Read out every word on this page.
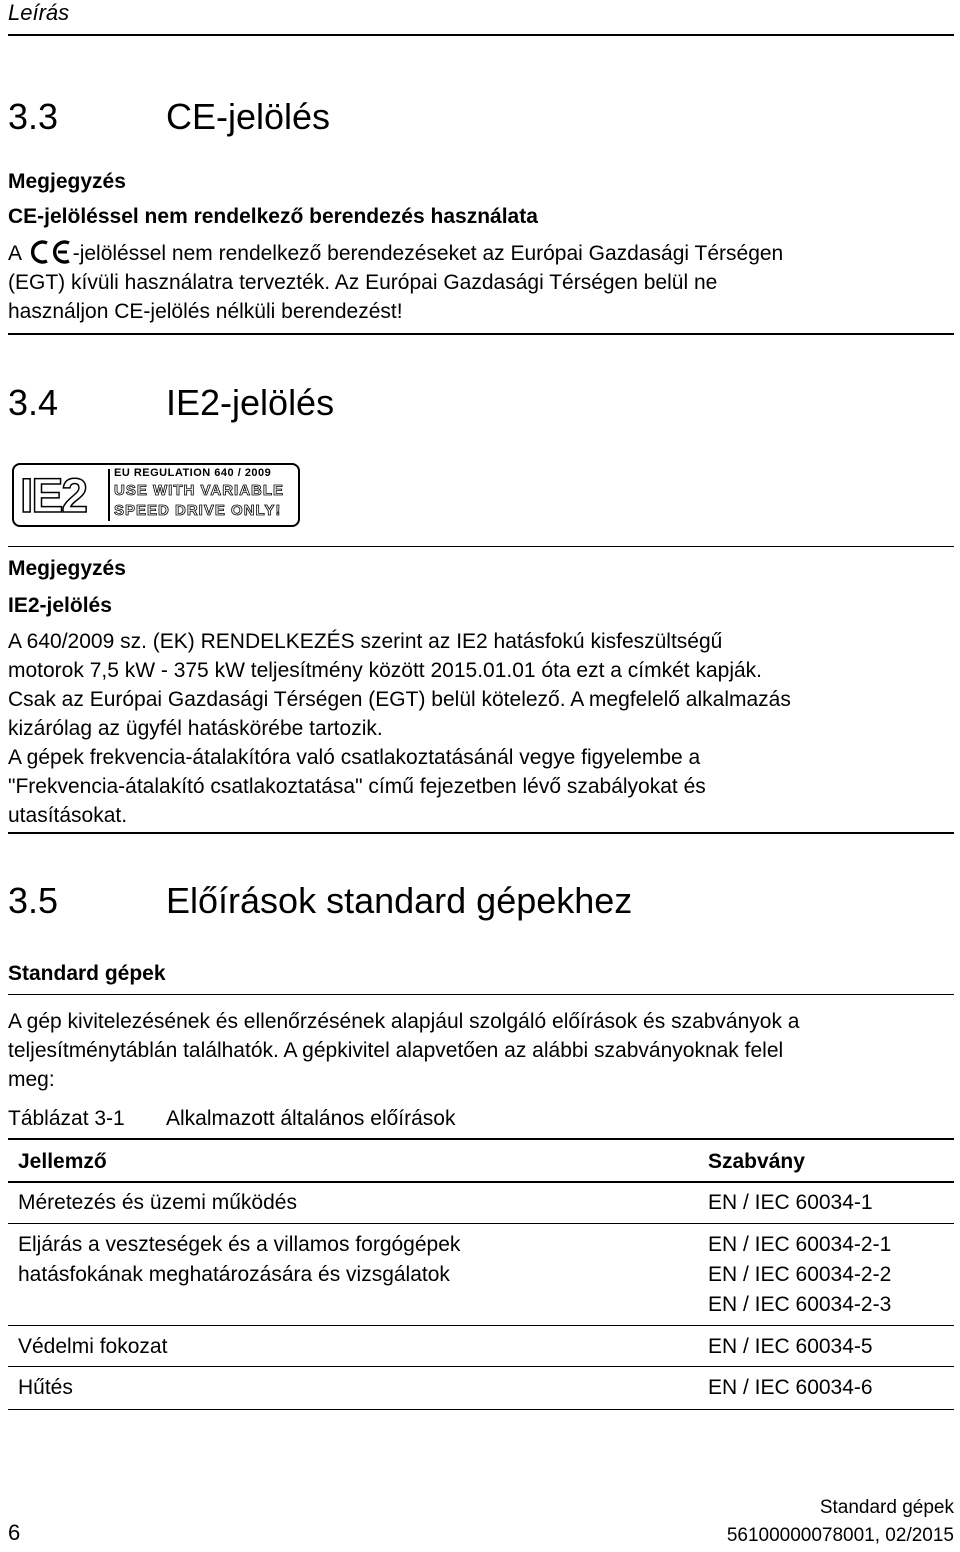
Leírás
3.3	CE-jelölés
Megjegyzés
CE-jelöléssel nem rendelkező berendezés használata

A -jelöléssel nem rendelkező berendezéseket az Európai Gazdasági Térségen

(EGT) kívüli használatra tervezték. Az Európai Gazdasági Térségen belül ne

használjon CE-jelölés nélküli berendezést!

3.4	IE2-jelölés
IE2	EU REGULATION 640 / 2009
USE WITH VARIABLE
SPEED DRIVE ONLY!
Megjegyzés
IE2-jelölés

A 640/2009 sz. (EK) RENDELKEZÉS szerint az IE2 hatásfokú kisfeszültségű

motorok 7,5 kW - 375 kW teljesítmény között 2015.01.01 óta ezt a címkét kapják.

Csak az Európai Gazdasági Térségen (EGT) belül kötelező. A megfelelő alkalmazás

kizárólag az ügyfél hatáskörébe tartozik.

A gépek frekvencia-átalakítóra való csatlakoztatásánál vegye figyelembe a

"Frekvencia-átalakító csatlakoztatása" című fejezetben lévő szabályokat és

utasításokat.

3.5	Előírások standard gépekhez
Standard gépek

A gép kivitelezésének és ellenőrzésének alapjául szolgáló előírások és szabványok a

teljesítménytáblán találhatók. A gépkivitel alapvetően az alábbi szabványoknak felel

meg:

Táblázat 3-1 Alkalmazott általános előírások
Jellemző	Szabvány
Méretezés és üzemi működés	EN / IEC 60034-1
Eljárás a veszteségek és a villamos forgógépek
hatásfokának meghatározására és vizsgálatok
EN / IEC 60034-2-1
EN / IEC 60034-2-2
EN / IEC 60034-2-3
Védelmi fokozat	EN / IEC 60034-5
Hűtés	EN / IEC 60034-6
6
Standard gépek
56100000078001, 02/2015
